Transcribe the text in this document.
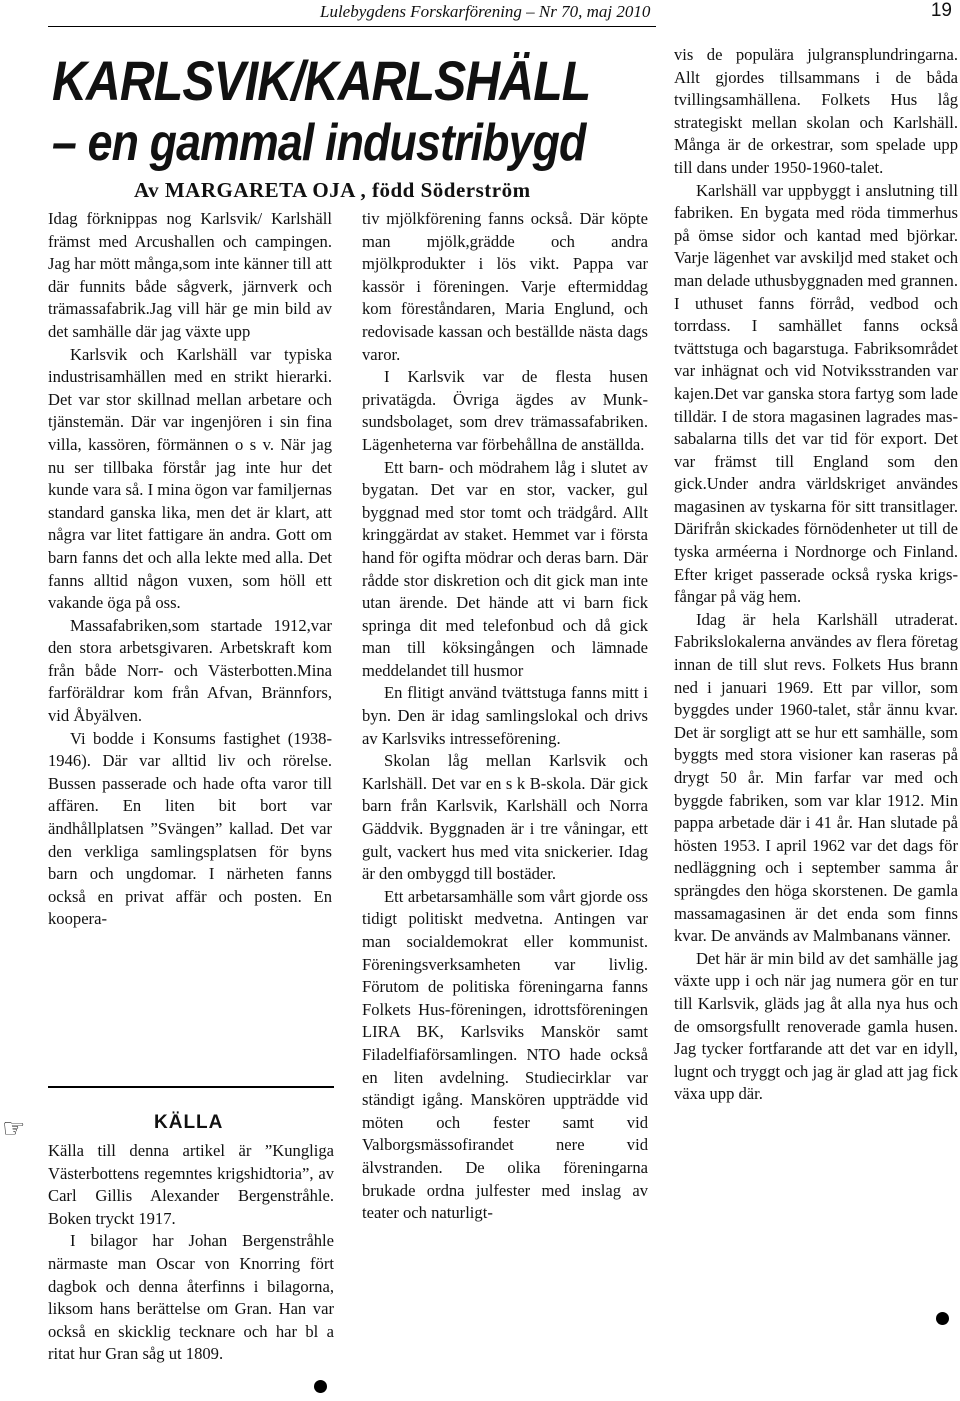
Lulebygdens Forskarförening – Nr 70, maj 2010	19
KARLSVIK/KARLSHÄLL
– en gammal industribygd
Av MARGARETA OJA , född Söderström

Idag förknippas nog Karlsvik/ Karlshäll främst med Arcushallen och campingen. Jag har mött många,som inte känner till att där funnits både sågverk, järnverk och trämassafabrik.Jag vill här ge min bild av det samhälle där jag växte upp

Karlsvik och Karlshäll var typiska industrisamhällen med en strikt hierarki. Det var stor skillnad mellan arbetare och tjänstemän. Där var ingenjören i sin fina villa, kassören, förmännen o s v. När jag nu ser tillbaka förstår jag inte hur det kunde vara så. I mina ögon var familjernas standard ganska lika, men det är klart, att några var litet fattigare än andra. Gott om barn fanns det och alla lekte med alla. Det fanns alltid någon vuxen, som höll ett vakande öga på oss.

Massafabriken,som startade 1912,var den stora arbetsgivaren. Arbetskraft kom från både Norr- och Västerbotten.Mina farföräldrar kom från Afvan, Brännfors, vid Åbyälven.

Vi bodde i Konsums fastighet (1938-1946). Där var alltid liv och rörelse. Bussen passerade och hade ofta varor till affären. En liten bit bort var ändhållplatsen ”Svängen” kallad. Det var den verkliga samlingsplatsen för byns barn och ungdomar. I närheten fanns också en privat affär och posten. En koopera-

☞	KÄLLA

Källa till denna artikel är ”Kungliga Västerbottens regemntes krigshidtoria”, av Carl Gillis Alexander Bergenstråhle. Boken tryckt 1917.

I bilagor har Johan Bergenstråhle närmaste man Oscar von Knorring fört dagbok och denna återfinns i bilagorna, liksom hans berättelse om Gran. Han var också en skicklig tecknare och har bl a ritat hur Gran såg ut 1809.

tiv mjölkförening fanns också. Där köpte man mjölk,grädde och andra mjölkprodukter i lös vikt. Pappa var kassör i föreningen. Varje eftermiddag kom föreståndaren, Maria Englund, och redovisade kassan och beställde nästa dags varor.

I Karlsvik var de flesta husen privatägda. Övriga ägdes av Munksundsbolaget, som drev trämassafabriken. Lägenheterna var förbehållna de anställda.

Ett barn- och mödrahem låg i slutet av bygatan. Det var en stor, vacker, gul byggnad med stor tomt och trädgård. Allt kringgärdat av staket. Hemmet var i första hand för ogifta mödrar och deras barn. Där rådde stor diskretion och dit gick man inte utan ärende. Det hände att vi barn fick springa dit med telefonbud och då gick man till köksingången och lämnade meddelandet till husmor

En flitigt använd tvättstuga fanns mitt i byn. Den är idag samlingslokal och drivs av Karlsviks intresseförening.

Skolan låg mellan Karlsvik och Karlshäll. Det var en s k B-skola. Där gick barn från Karlsvik, Karlshäll och Norra Gäddvik. Byggnaden är i tre våningar, ett gult, vackert hus med vita snickerier. Idag är den ombyggd till bostäder.

Ett arbetarsamhälle som vårt gjorde oss tidigt politiskt medvetna. Antingen var man socialdemokrat eller kommunist. Föreningsverksamheten var livlig. Förutom de politiska föreningarna fanns Folkets Hus-föreningen, idrottsföreningen LIRA BK, Karlsviks Manskör samt Filadelfiaförsamlingen. NTO hade också en liten avdelning. Studiecirklar var ständigt igång. Manskören uppträdde vid möten och fester samt vid Valborgsmässofirandet nere vid älvstranden. De olika föreningarna brukade ordna julfester med inslag av teater och naturligt-

vis de populära julgransplundringarna. Allt gjordes tillsammans i de båda tvillingsamhällena. Folkets Hus låg strategiskt mellan skolan och Karlshäll. Många är de orkestrar, som spelade upp till dans under 1950-1960-talet.

Karlshäll var uppbyggt i anslutning till fabriken. En bygata med röda timmerhus på ömse sidor och kantad med björkar. Varje lägenhet var avskiljd med staket och man delade uthusbyggnaden med grannen. I uthuset fanns förråd, vedbod och torrdass. I samhället fanns också tvättstuga och bagarstuga. Fabriksområdet var inhägnat och vid Notviksstranden var kajen.Det var ganska stora fartyg som lade tilldär. I de stora magasinen lagrades massabalarna tills det var tid för export. Det var främst till England som den gick.Under andra världskriget användes magasinen av tyskarna för sitt transitlager. Därifrån skickades förnödenheter ut till de tyska arméerna i Nordnorge och Finland. Efter kriget passerade också ryska krigsfångar på väg hem.

Idag är hela Karlshäll utraderat. Fabrikslokalerna användes av flera företag innan de till slut revs. Folkets Hus brann ned i januari 1969. Ett par villor, som byggdes under 1960-talet, står ännu kvar. Det är sorgligt att se hur ett samhälle, som byggts med stora visioner kan raseras på drygt 50 år. Min farfar var med och byggde fabriken, som var klar 1912. Min pappa arbetade där i 41 år. Han slutade på hösten 1953. I april 1962 var det dags för nedläggning och i september samma år sprängdes den höga skorstenen. De gamla massamagasinen är det enda som finns kvar. De används av Malmbanans vänner.

Det här är min bild av det samhälle jag växte upp i och när jag numera gör en tur till Karlsvik, gläds jag åt alla nya hus och de omsorgsfullt renoverade gamla husen. Jag tycker fortfarande att det var en idyll, lugnt och tryggt och jag är glad att jag fick växa upp där.
